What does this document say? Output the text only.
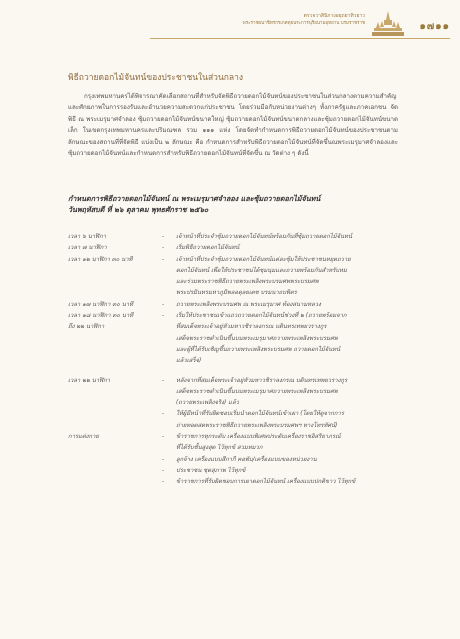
ตรวจวาสินิกางอยุถยาทิวยาว
พระราชผนาชิทรกรเกตทุยนระการนุริยนามอุทยาน บรมราชราช	๑๗๑๑
พิธีถวายดอกไม้จันทน์ของประชาชนในส่วนกลาง
กรุงเทพมหานครได้พิจารณาคัดเลือกสถานที่สำหรับจัดพิธีถวายดอกไม้จันทน์ของประชาชนในส่วนกลางตามความสำคัญและศักยภาพในการรองรับและอำนวยความสะดวกแก่ประชาชน โดยร่วมมือกับหน่วยงานต่างๆ ทั้งภาครัฐและภาคเอกชน จัดพิธี ณ พระเมรุมาศจำลอง ซุ้มถวายดอกไม้จันทน์ขนาดใหญ่ ซุ้มถวายดอกไม้จันทน์ขนาดกลางและซุ้มถวายดอกไม้จันทน์ขนาดเล็ก ในเขตกรุงเทพมหานครและปริมณฑล รวม ๑๑๑ แห่ง โดยจัดทำกำหนดการพิธีถวายดอกไม้จันทน์ของประชาชนตามลักษณะของสถานที่ที่จัดพิธี แบ่งเป็น ๒ ลักษณะ คือ กำหนดการสำหรับพิธีถวายดอกไม้จันทน์ที่จัดขึ้นณพระเมรุมาศจำลองและซุ้มถวายดอกไม้จันทน์และกำหนดการสำหรับพิธีถวายดอกไม้จันทน์ที่จัดขึ้น ณ วัดต่าง ๆ ดังนี้
กำหนดการพิธีถวายดอกไม้จันทน์ ณ พระเมรุมาศจำลอง และซุ้มถวายดอกไม้จันทน์
วันพฤหัสบดี ที่ ๒๖ ตุลาคม พุทธศักราช ๒๕๖๐
เวลา ๖ นาฬิกา	-	เจ้าหน้าที่ประจำซุ้มถวายดอกไม้จันทน์พร้อมกันที่ซุ้มถวายดอกไม้จันทน์
เวลา ๗ นาฬิกา	-	เริ่มพิธีถวายดอกไม้จันทน์
เวลา ๑๒ นาฬิกา ๓๐ นาที	-	เจ้าหน้าที่ประจำซุ้มถวายดอกไม้จันทน์แต่ละซุ้มให้ประชาชนหยุดถวาย
ดอกไม้จันทน์ เพื่อให้ประชาชนได้ชุมนุมและถวายพร้อมกันสำหรับหม
และร่วมพระราชพิธีถวายพระเพลิงพระบรมศพพระบรมศพ
พระปรมินทรมหาภูมิพลอดุลยเดช บรมนาถบพิตร
เวลา ๑๗ นาฬิกา ๓๐ นาที	-	ถวายพระเพลิงพระบรมศพ ณ พระเมรุมาศ ท้องสนามหลวง
เวลา ๑๘ นาฬิกา ๓๐ นาที	-	เริ่มให้ประชาชนเข้าแถวถวายดอกไม้จันทน์ช่วงที่ ๒ (ถวายพร้อมจาก
ถึง ๒๒ นาฬิกา	ที่สมเด็จพระเจ้าอยู่หัวมหาวชิราลงกรณ บดินทรเทพยวรางกูร
เสด็จพระราชดำเนินขึ้นบนพระเมรุมาศถวายพระเพลิงพระบรมศพ
และผู้ที่ได้รับเชิญขึ้นถวายพระเพลิงพระบรมศพ ถวายดอกไม้จันทน์
แล้วเสร็จ)
เวลา ๒๒ นาฬิกา	-	หลังจากที่สมเด็จพระเจ้าอยู่หัวมหาวชิราลงกรณ บดินทรเทพยวรางกูร
เสด็จพระราชดำเนินขึ้นบนพระเมรุมาศถวายพระเพลิงพระบรมศพ
(ถวายพระเพลิงจริง) แล้ว
-	ให้ผู้มีหน้าที่รับผิดชอบเริ่มนำดอกไม้จันทน์เข้าเผา (โดยให้ดูจากการ
ถ่ายทอดสดพระราชพิธีถวายพระเพลิงพระบรมศพฯ ทางโทรทัศน์)
การแต่งกาย	-	ข้าราชการทุกระดับ เครื่องแบบพิเศษประดับเครื่องราชอิสริยาภรณ์
ที่ได้รับชั้นสูงสุด ไว้ทุกข์ สวมหมวก
-	ลูกจ้าง เครื่องแบบสีกากี คอพับ/เครื่องแบบของหน่วยงาน
-	ประชาชน ชุดสุภาพ ไว้ทุกข์
-	ข้าราชการที่รับผิดชอบการเผาดอกไม้จันทน์ เครื่องแบบปกติขาว ไว้ทุกข์
